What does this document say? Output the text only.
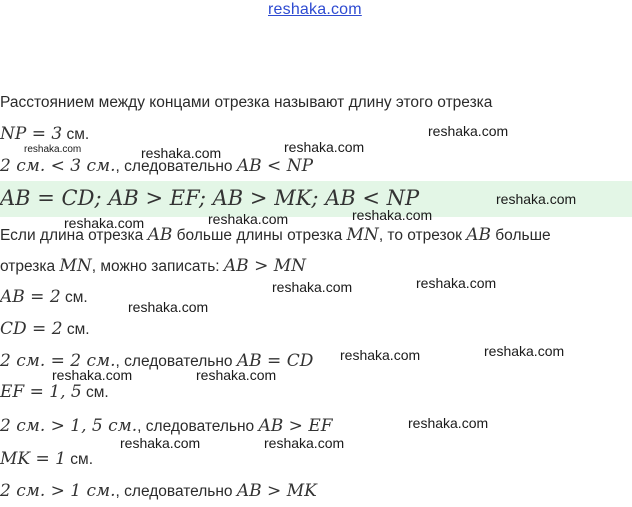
reshaka.com
Расстоянием между концами отрезка называют длину этого отрезка
NP = 3 см.
2 см. < 3 см., следовательно AB < NP
AB = CD; AB > EF; AB > MK; AB < NP
Если длина отрезка AB больше длины отрезка MN, то отрезок AB больше
отрезка MN, можно записать: AB > MN
AB = 2 см.
CD = 2 см.
2 см. = 2 см., следовательно AB = CD
EF = 1, 5 см.
2 см. > 1, 5 см., следовательно AB > EF
MK = 1 см.
2 см. > 1 см., следовательно AB > MK
reshaka.com	reshaka.com	reshaka.com
reshaka.com
reshaka.com
reshaka.com	reshaka.com	reshaka.com
reshaka.com	reshaka.com
reshaka.com
reshaka.com	reshaka.com
reshaka.com	reshaka.com
reshaka.com
reshaka.com	reshaka.com
